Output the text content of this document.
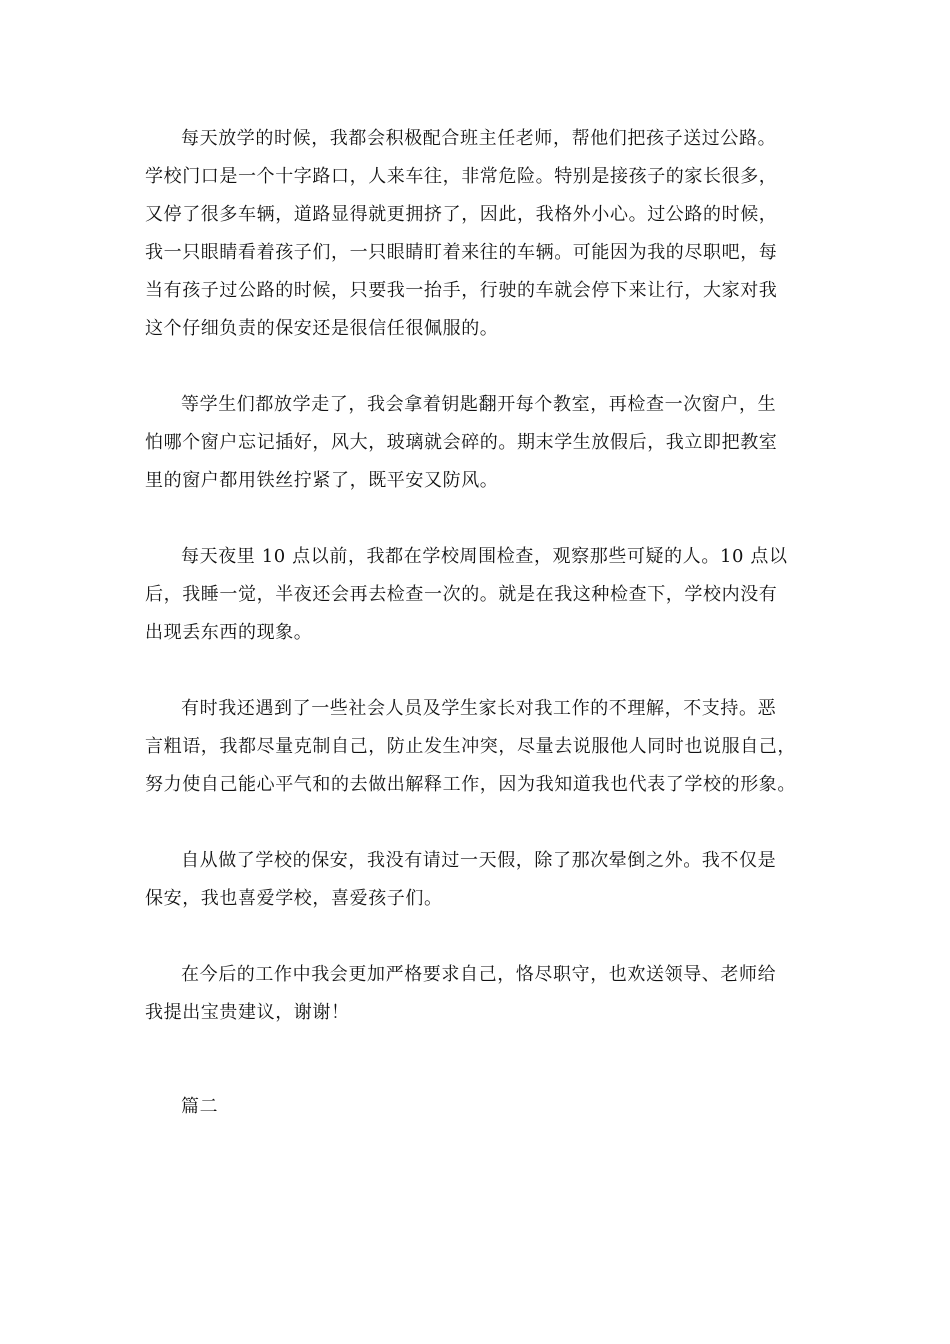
每天放学的时候，我都会积极配合班主任老师，帮他们把孩子送过公路。
学校门口是一个十字路口，人来车往，非常危险。特别是接孩子的家长很多，
又停了很多车辆，道路显得就更拥挤了，因此，我格外小心。过公路的时候，
我一只眼睛看着孩子们，一只眼睛盯着来往的车辆。可能因为我的尽职吧，每
当有孩子过公路的时候，只要我一抬手，行驶的车就会停下来让行，大家对我
这个仔细负责的保安还是很信任很佩服的。

等学生们都放学走了，我会拿着钥匙翻开每个教室，再检查一次窗户，生
怕哪个窗户忘记插好，风大，玻璃就会碎的。期末学生放假后，我立即把教室
里的窗户都用铁丝拧紧了，既平安又防风。

每天夜里 10 点以前，我都在学校周围检查，观察那些可疑的人。10 点以
后，我睡一觉，半夜还会再去检查一次的。就是在我这种检查下，学校内没有
出现丢东西的现象。

有时我还遇到了一些社会人员及学生家长对我工作的不理解，不支持。恶
言粗语，我都尽量克制自己，防止发生冲突，尽量去说服他人同时也说服自己，
努力使自己能心平气和的去做出解释工作，因为我知道我也代表了学校的形象。

自从做了学校的保安，我没有请过一天假，除了那次晕倒之外。我不仅是
保安，我也喜爱学校，喜爱孩子们。

在今后的工作中我会更加严格要求自己，恪尽职守，也欢送领导、老师给
我提出宝贵建议，谢谢！

篇二
